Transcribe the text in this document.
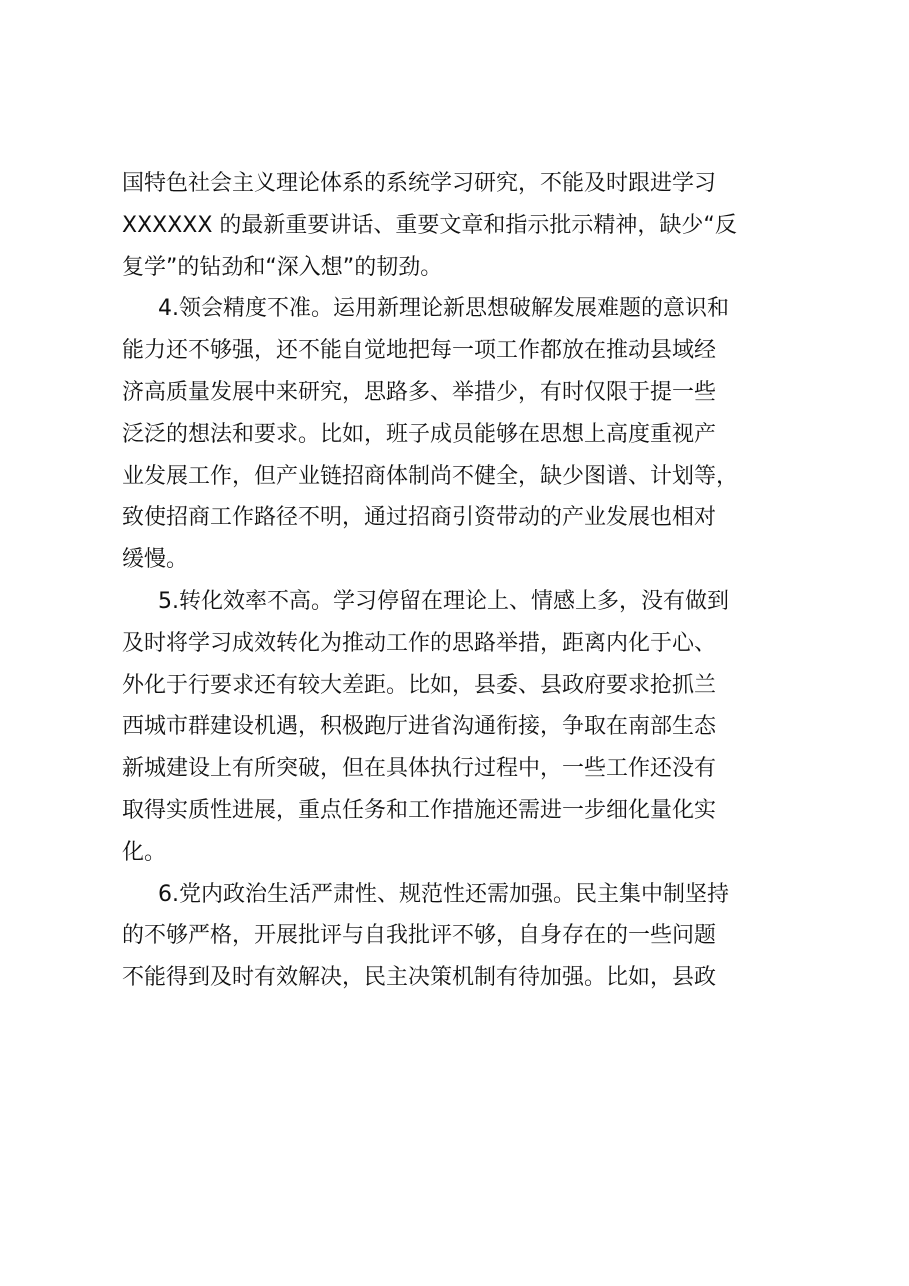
国特色社会主义理论体系的系统学习研究，不能及时跟进学习
XXXXXX 的最新重要讲话、重要文章和指示批示精神，缺少“反
复学”的钻劲和“深入想”的韧劲。
4.领会精度不准。运用新理论新思想破解发展难题的意识和
能力还不够强，还不能自觉地把每一项工作都放在推动县域经
济高质量发展中来研究，思路多、举措少，有时仅限于提一些
泛泛的想法和要求。比如，班子成员能够在思想上高度重视产
业发展工作，但产业链招商体制尚不健全，缺少图谱、计划等，
致使招商工作路径不明，通过招商引资带动的产业发展也相对
缓慢。
5.转化效率不高。学习停留在理论上、情感上多，没有做到
及时将学习成效转化为推动工作的思路举措，距离内化于心、
外化于行要求还有较大差距。比如，县委、县政府要求抢抓兰
西城市群建设机遇，积极跑厅进省沟通衔接，争取在南部生态
新城建设上有所突破，但在具体执行过程中，一些工作还没有
取得实质性进展，重点任务和工作措施还需进一步细化量化实
化。
6.党内政治生活严肃性、规范性还需加强。民主集中制坚持
的不够严格，开展批评与自我批评不够，自身存在的一些问题
不能得到及时有效解决，民主决策机制有待加强。比如，县政
